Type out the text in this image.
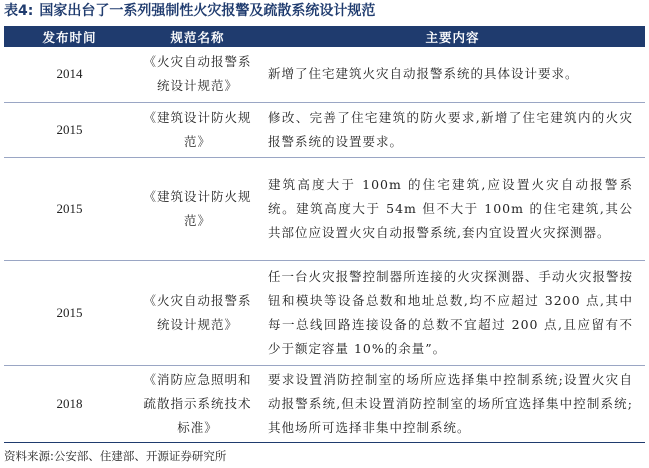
表4: 国家出台了一系列强制性火灾报警及疏散系统设计规范
发布时间	规范名称	主要内容
2014	《火灾自动报警系统设计规范》	新增了住宅建筑火灾自动报警系统的具体设计要求。
2015	《建筑设计防火规范》	修改、完善了住宅建筑的防火要求,新增了住宅建筑内的火灾报警系统的设置要求。
2015	《建筑设计防火规范》	建筑高度大于 100m 的住宅建筑,应设置火灾自动报警系统。建筑高度大于 54m 但不大于 100m 的住宅建筑,其公共部位应设置火灾自动报警系统,套内宜设置火灾探测器。
2015	《火灾自动报警系统设计规范》	任一台火灾报警控制器所连接的火灾探测器、手动火灾报警按钮和模块等设备总数和地址总数,均不应超过 3200 点,其中每一总线回路连接设备的总数不宜超过 200 点,且应留有不少于额定容量 10%的余量”。
2018	《消防应急照明和疏散指示系统技术标准》	要求设置消防控制室的场所应选择集中控制系统;设置火灾自动报警系统,但未设置消防控制室的场所宜选择集中控制系统;其他场所可选择非集中控制系统。
资料来源:公安部、住建部、开源证券研究所
